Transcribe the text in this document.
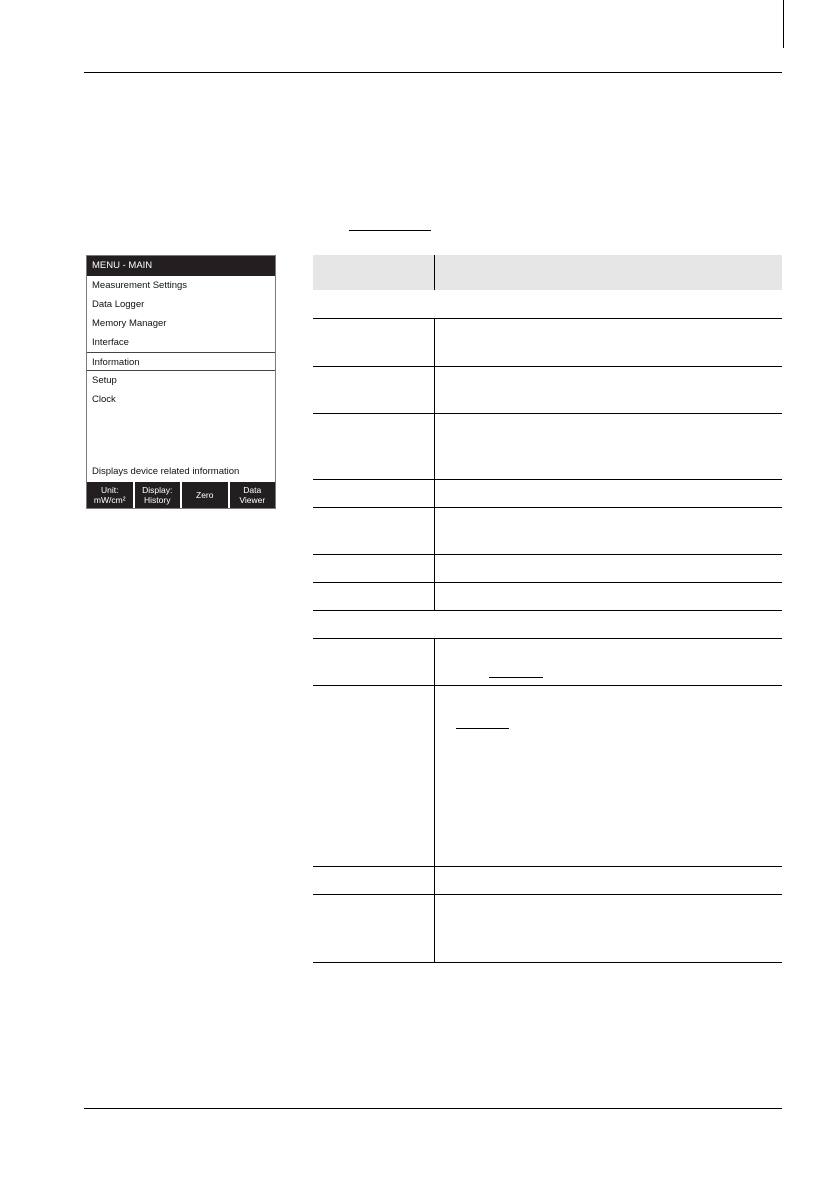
MENU - MAIN
Measurement Settings
Data Logger
Memory Manager
Interface
Information
Setup
Clock
Displays device related information
Unit:
mW/cm²
Display:
History	Zero	Data
Viewer
